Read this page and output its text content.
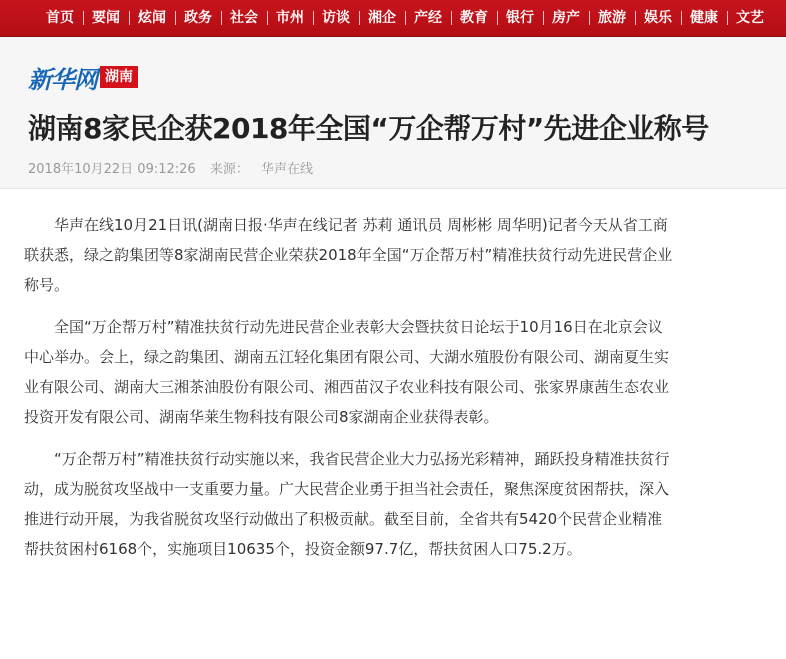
首页 要闻 炫闻 政务 社会 市州 访谈 湘企 产经 教育 银行 房产 旅游 娱乐 健康 文艺
新华网 湖南
湖南8家民企获2018年全国“万企帮万村”先进企业称号
2018年10月22日 09:12:26 来源： 华声在线

华声在线10月21日讯(湖南日报·华声在线记者 苏莉 通讯员 周彬彬 周华明)记者今天从省工商联获悉，绿之韵集团等8家湖南民营企业荣获2018年全国“万企帮万村”精准扶贫行动先进民营企业称号。

全国“万企帮万村”精准扶贫行动先进民营企业表彰大会暨扶贫日论坛于10月16日在北京会议中心举办。会上，绿之韵集团、湖南五江轻化集团有限公司、大湖水殖股份有限公司、湖南夏生实业有限公司、湖南大三湘茶油股份有限公司、湘西苗汉子农业科技有限公司、张家界康茜生态农业投资开发有限公司、湖南华莱生物科技有限公司8家湖南企业获得表彰。

“万企帮万村”精准扶贫行动实施以来，我省民营企业大力弘扬光彩精神，踊跃投身精准扶贫行动，成为脱贫攻坚战中一支重要力量。广大民营企业勇于担当社会责任，聚焦深度贫困帮扶，深入推进行动开展，为我省脱贫攻坚行动做出了积极贡献。截至目前，全省共有5420个民营企业精准帮扶贫困村6168个，实施项目10635个，投资金额97.7亿，帮扶贫困人口75.2万。
